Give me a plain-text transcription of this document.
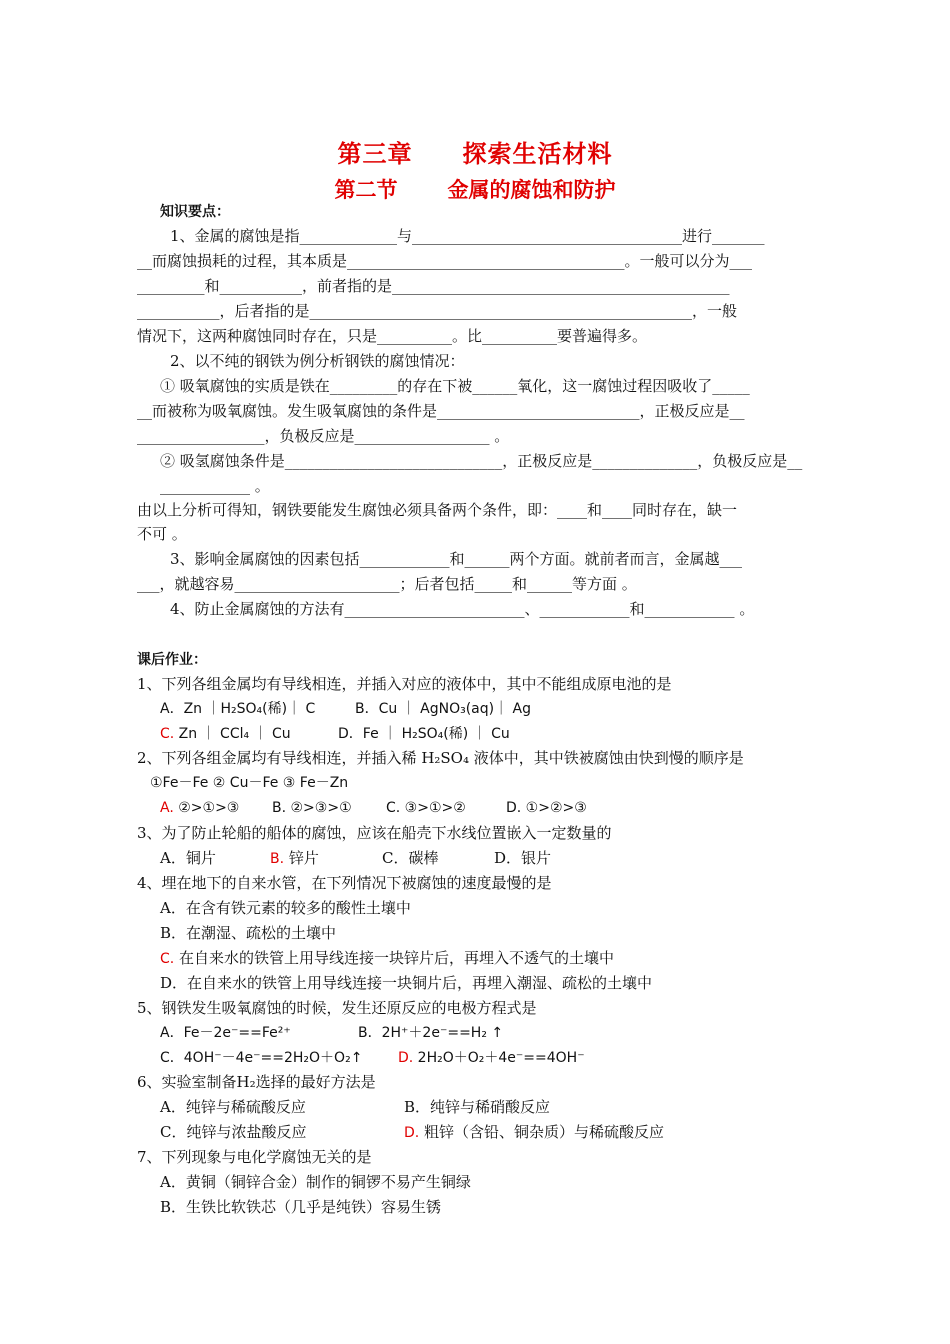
第三章 探索生活材料
第二节 金属的腐蚀和防护
知识要点：
1、金属的腐蚀是指_____________与____________________________________进行_______
__而腐蚀损耗的过程，其本质是_____________________________________。一般可以分为___
_________和___________，前者指的是_____________________________________________
___________，后者指的是___________________________________________________，一般
情况下，这两种腐蚀同时存在，只是__________。比__________要普遍得多。
2、以不纯的钢铁为例分析钢铁的腐蚀情况：
① 吸氧腐蚀的实质是铁在_________的存在下被______氧化，这一腐蚀过程因吸收了_____
__而被称为吸氧腐蚀。发生吸氧腐蚀的条件是___________________________，正极反应是__
_________________，负极反应是__________________ 。
② 吸氢腐蚀条件是_____________________________，正极反应是______________，负极反应是__
____________ 。
由以上分析可得知，钢铁要能发生腐蚀必须具备两个条件，即：____和____同时存在，缺一
不可 。
3、影响金属腐蚀的因素包括____________和______两个方面。就前者而言，金属越___
___，就越容易______________________；后者包括_____和______等方面 。
4、防止金属腐蚀的方法有________________________、____________和____________ 。
课后作业：
1、下列各组金属均有导线相连，并插入对应的液体中，其中不能组成原电池的是
A．Zn ｜H₂SO₄(稀)｜ C	B．Cu ｜ AgNO₃(aq)｜ Ag
C. Zn ｜ CCl₄ ｜ Cu	D．Fe ｜ H₂SO₄(稀) ｜ Cu
2、下列各组金属均有导线相连，并插入稀 H₂SO₄ 液体中，其中铁被腐蚀由快到慢的顺序是
①Fe－Fe ② Cu－Fe ③ Fe－Zn
A. ②>①>③ B. ②>③>① C. ③>①>②	D. ①>②>③
3、为了防止轮船的船体的腐蚀，应该在船壳下水线位置嵌入一定数量的
A．铜片	B. 锌片	C．碳棒	D．银片
4、埋在地下的自来水管，在下列情况下被腐蚀的速度最慢的是
A．在含有铁元素的较多的酸性土壤中
B．在潮湿、疏松的土壤中
C. 在自来水的铁管上用导线连接一块锌片后，再埋入不透气的土壤中
D．在自来水的铁管上用导线连接一块铜片后，再埋入潮湿、疏松的土壤中
5、钢铁发生吸氧腐蚀的时候，发生还原反应的电极方程式是
A．Fe－2e⁻==Fe²⁺	B．2H⁺＋2e⁻==H₂ ↑
C．4OH⁻－4e⁻==2H₂O＋O₂↑	D. 2H₂O＋O₂＋4e⁻==4OH⁻
6、实验室制备H₂选择的最好方法是
A．纯锌与稀硫酸反应	B．纯锌与稀硝酸反应
C．纯锌与浓盐酸反应	D. 粗锌（含铅、铜杂质）与稀硫酸反应
7、下列现象与电化学腐蚀无关的是
A．黄铜（铜锌合金）制作的铜锣不易产生铜绿
B．生铁比软铁芯（几乎是纯铁）容易生锈
